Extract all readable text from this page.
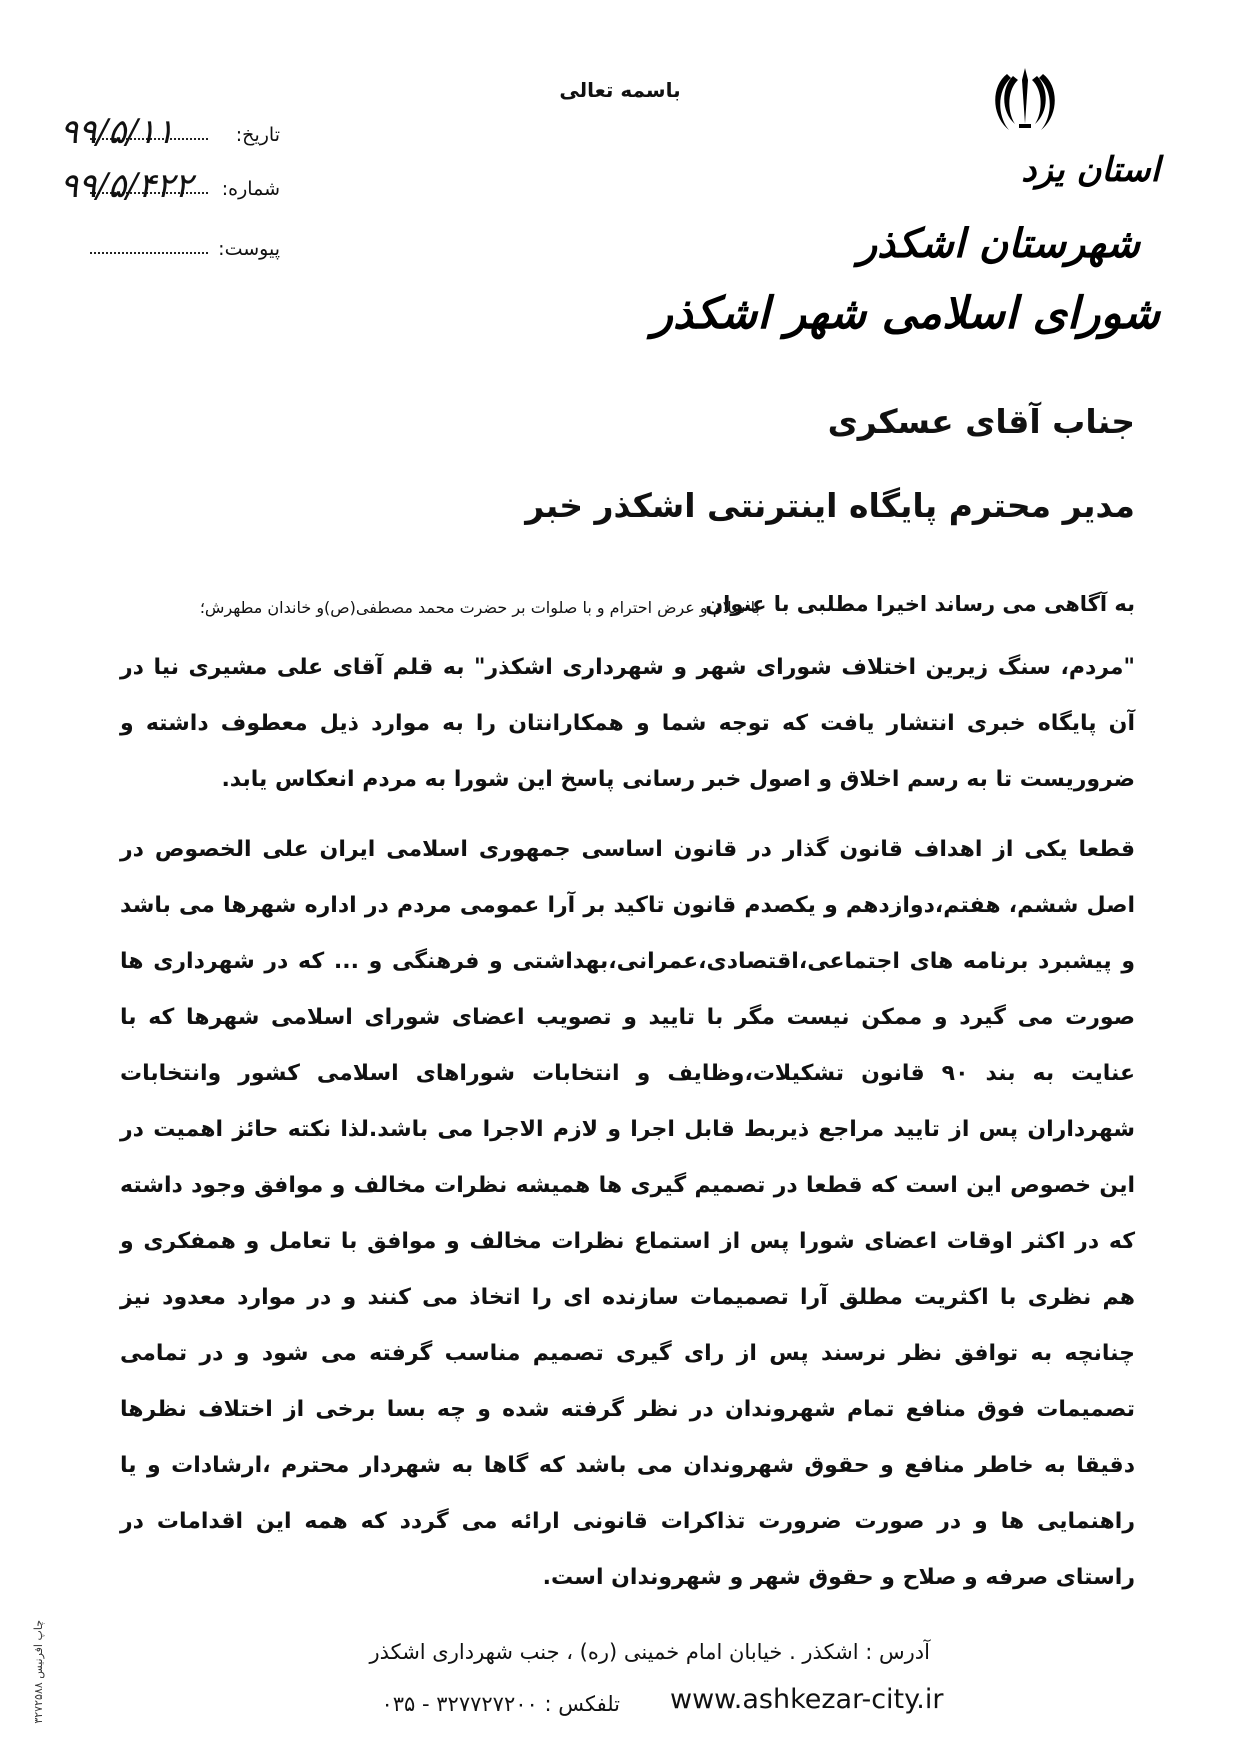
باسمه تعالی
استان یزد
شهرستان اشکذر
شورای اسلامی شهر اشکذر
تاریخ:
۹۹/۵/۱۱
شماره:
۹۹/۵/۴۲۲
پیوست:
جناب آقای عسکری
مدیر محترم پایگاه اینترنتی اشکذر خبر
با سلام و عرض احترام و با صلوات بر حضرت محمد مصطفی(ص)و خاندان مطهرش؛
به آگاهی می رساند اخیرا مطلبی با عنوان
"مردم، سنگ زیرین اختلاف شورای شهر و شهرداری اشکذر" به قلم آقای علی مشیری نیا در آن پایگاه خبری انتشار یافت که توجه شما و همکارانتان را به موارد ذیل معطوف داشته و ضروریست تا به رسم اخلاق و اصول خبر رسانی پاسخ این شورا به مردم انعکاس یابد.
قطعا یکی از اهداف قانون گذار در قانون اساسی جمهوری اسلامی ایران علی الخصوص در اصل ششم، هفتم،دوازدهم و یکصدم قانون تاکید بر آرا عمومی مردم در اداره شهرها می باشد و پیشبرد برنامه های اجتماعی،اقتصادی،عمرانی،بهداشتی و فرهنگی و ... که در شهرداری ها صورت می گیرد و ممکن نیست مگر با تایید و تصویب اعضای شورای اسلامی شهرها که با عنایت به بند ۹۰ قانون تشکیلات،وظایف و انتخابات شوراهای اسلامی کشور وانتخابات شهرداران پس از تایید مراجع ذیربط قابل اجرا و لازم الاجرا می باشد.لذا نکته حائز اهمیت در این خصوص این است که قطعا در تصمیم گیری ها همیشه نظرات مخالف و موافق وجود داشته که در اکثر اوقات اعضای شورا پس از استماع نظرات مخالف و موافق با تعامل و همفکری و هم نظری با اکثریت مطلق آرا تصمیمات سازنده ای را اتخاذ می کنند و در موارد معدود نیز چنانچه به توافق نظر نرسند پس از رای گیری تصمیم مناسب گرفته می شود و در تمامی تصمیمات فوق منافع تمام شهروندان در نظر گرفته شده و چه بسا برخی از اختلاف نظرها دقیقا به خاطر منافع و حقوق شهروندان می باشد که گاها به شهردار محترم ،ارشادات و یا راهنمایی ها و در صورت ضرورت تذاکرات قانونی ارائه می گردد که همه این اقدامات در راستای صرفه و صلاح و حقوق شهر و شهروندان است.
آدرس : اشکذر . خیابان امام خمینی (ره) ، جنب شهرداری اشکذر
تلفکس : ۳۲۷۷۲۷۲۰۰ - ۰۳۵ www.ashkezar-city.ir
چاپ افرنیس ۳۲۷۲۵۸۸
